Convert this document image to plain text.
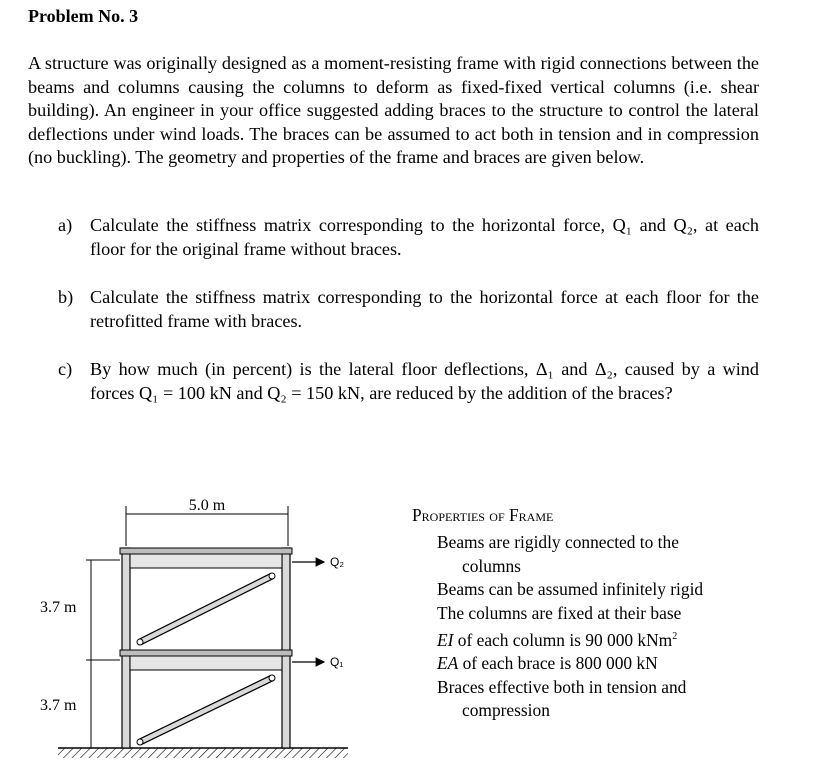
Problem No. 3
A structure was originally designed as a moment-resisting frame with rigid connections between the beams and columns causing the columns to deform as fixed-fixed vertical columns (i.e. shear building). An engineer in your office suggested adding braces to the structure to control the lateral deflections under wind loads. The braces can be assumed to act both in tension and in compression (no buckling). The geometry and properties of the frame and braces are given below.
a) Calculate the stiffness matrix corresponding to the horizontal force, Q₁ and Q₂, at each floor for the original frame without braces.
b) Calculate the stiffness matrix corresponding to the horizontal force at each floor for the retrofitted frame with braces.
c) By how much (in percent) is the lateral floor deflections, Δ₁ and Δ₂, caused by a wind forces Q₁ = 100 kN and Q₂ = 150 kN, are reduced by the addition of the braces?
5.0 m
3.7 m
3.7 m
Q₂
Q₁
Properties of Frame
Beams are rigidly connected to the
columns
Beams can be assumed infinitely rigid
The columns are fixed at their base
EI of each column is 90 000 kNm$^2$
EA of each brace is 800 000 kN
Braces effective both in tension and
compression
